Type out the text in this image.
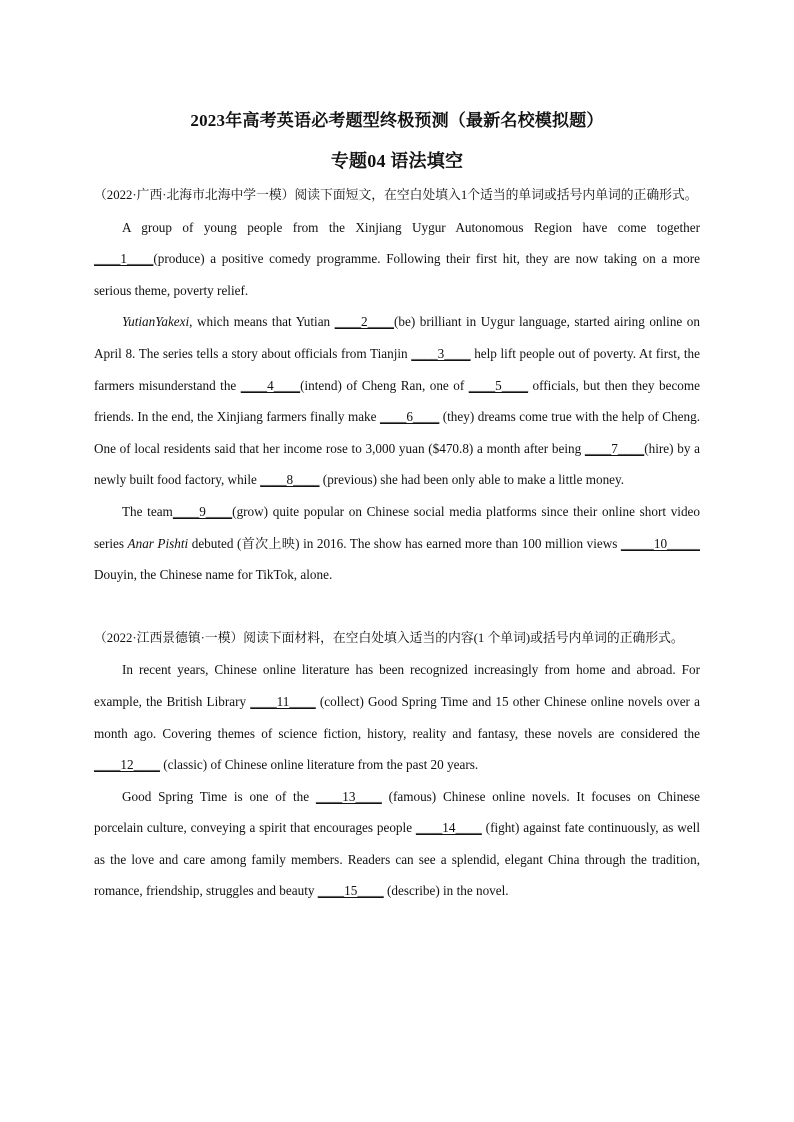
2023年高考英语必考题型终极预测（最新名校模拟题）
专题04 语法填空

（2022·广西·北海市北海中学一模）阅读下面短文，在空白处填入1个适当的单词或括号内单词的正确形式。

A group of young people from the Xinjiang Uygur Autonomous Region have come together ____1____(produce) a positive comedy programme. Following their first hit, they are now taking on a more serious theme, poverty relief.

YutianYakexi, which means that Yutian ____2____(be) brilliant in Uygur language, started airing online on April 8. The series tells a story about officials from Tianjin ____3____ help lift people out of poverty. At first, the farmers misunderstand the ____4____(intend) of Cheng Ran, one of ____5____ officials, but then they become friends. In the end, the Xinjiang farmers finally make ____6____ (they) dreams come true with the help of Cheng. One of local residents said that her income rose to 3,000 yuan ($470.8) a month after being ____7____(hire) by a newly built food factory, while ____8____ (previous) she had been only able to make a little money.

The team____9____(grow) quite popular on Chinese social media platforms since their online short video series Anar Pishti debuted (首次上映) in 2016. The show has earned more than 100 million views _____10_____ Douyin, the Chinese name for TikTok, alone.

（2022·江西景德镇·一模）阅读下面材料，在空白处填入适当的内容(1 个单词)或括号内单词的正确形式。

In recent years, Chinese online literature has been recognized increasingly from home and abroad. For example, the British Library ____11____ (collect) Good Spring Time and 15 other Chinese online novels over a month ago. Covering themes of science fiction, history, reality and fantasy, these novels are considered the ____12____ (classic) of Chinese online literature from the past 20 years.

Good Spring Time is one of the ____13____ (famous) Chinese online novels. It focuses on Chinese porcelain culture, conveying a spirit that encourages people ____14____ (fight) against fate continuously, as well as the love and care among family members. Readers can see a splendid, elegant China through the tradition, romance, friendship, struggles and beauty ____15____ (describe) in the novel.
